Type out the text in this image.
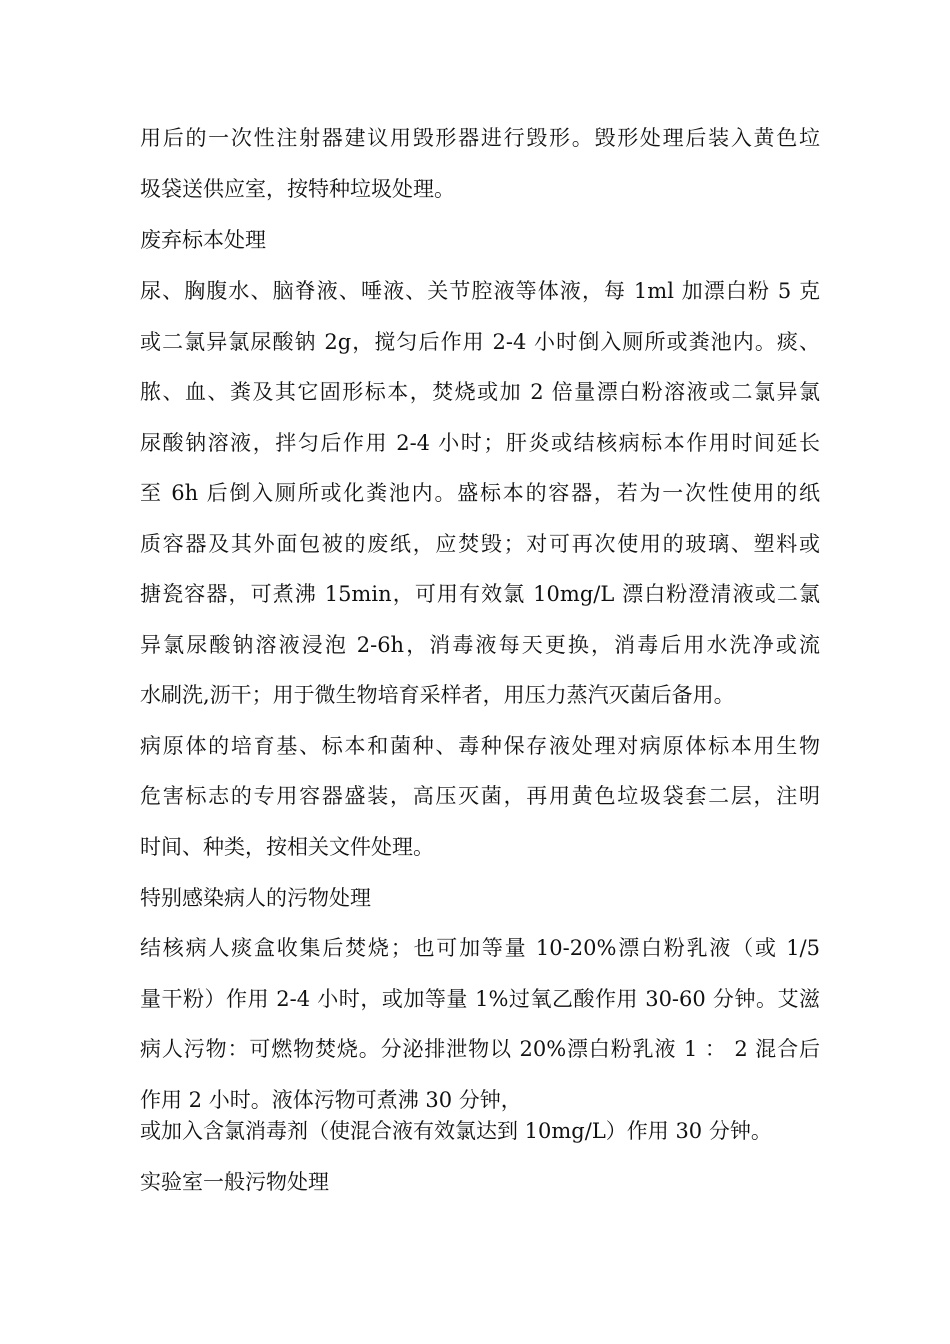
用后的一次性注射器建议用毁形器进行毁形。毁形处理后装入黄色垃
圾袋送供应室，按特种垃圾处理。
废弃标本处理
尿、胸腹水、脑脊液、唾液、关节腔液等体液，每 1ml 加漂白粉 5 克
或二氯异氯尿酸钠 2g，搅匀后作用 2-4 小时倒入厕所或粪池内。痰、
脓、血、粪及其它固形标本，焚烧或加 2 倍量漂白粉溶液或二氯异氯
尿酸钠溶液，拌匀后作用 2-4 小时；肝炎或结核病标本作用时间延长
至 6h 后倒入厕所或化粪池内。盛标本的容器，若为一次性使用的纸
质容器及其外面包被的废纸，应焚毁；对可再次使用的玻璃、塑料或
搪瓷容器，可煮沸 15min，可用有效氯 10mg/L 漂白粉澄清液或二氯
异氯尿酸钠溶液浸泡 2-6h，消毒液每天更换，消毒后用水洗净或流
水刷洗,沥干；用于微生物培育采样者，用压力蒸汽灭菌后备用。
病原体的培育基、标本和菌种、毒种保存液处理对病原体标本用生物
危害标志的专用容器盛装，高压灭菌，再用黄色垃圾袋套二层，注明
时间、种类，按相关文件处理。
特别感染病人的污物处理
结核病人痰盒收集后焚烧；也可加等量 10-20%漂白粉乳液（或 1/5
量干粉）作用 2-4 小时，或加等量 1%过氧乙酸作用 30-60 分钟。艾滋
病人污物：可燃物焚烧。分泌排泄物以 20%漂白粉乳液 1 ： 2 混合后
作用 2 小时。液体污物可煮沸 30 分钟，
或加入含氯消毒剂（使混合液有效氯达到 10mg/L）作用 30 分钟。
实验室一般污物处理
